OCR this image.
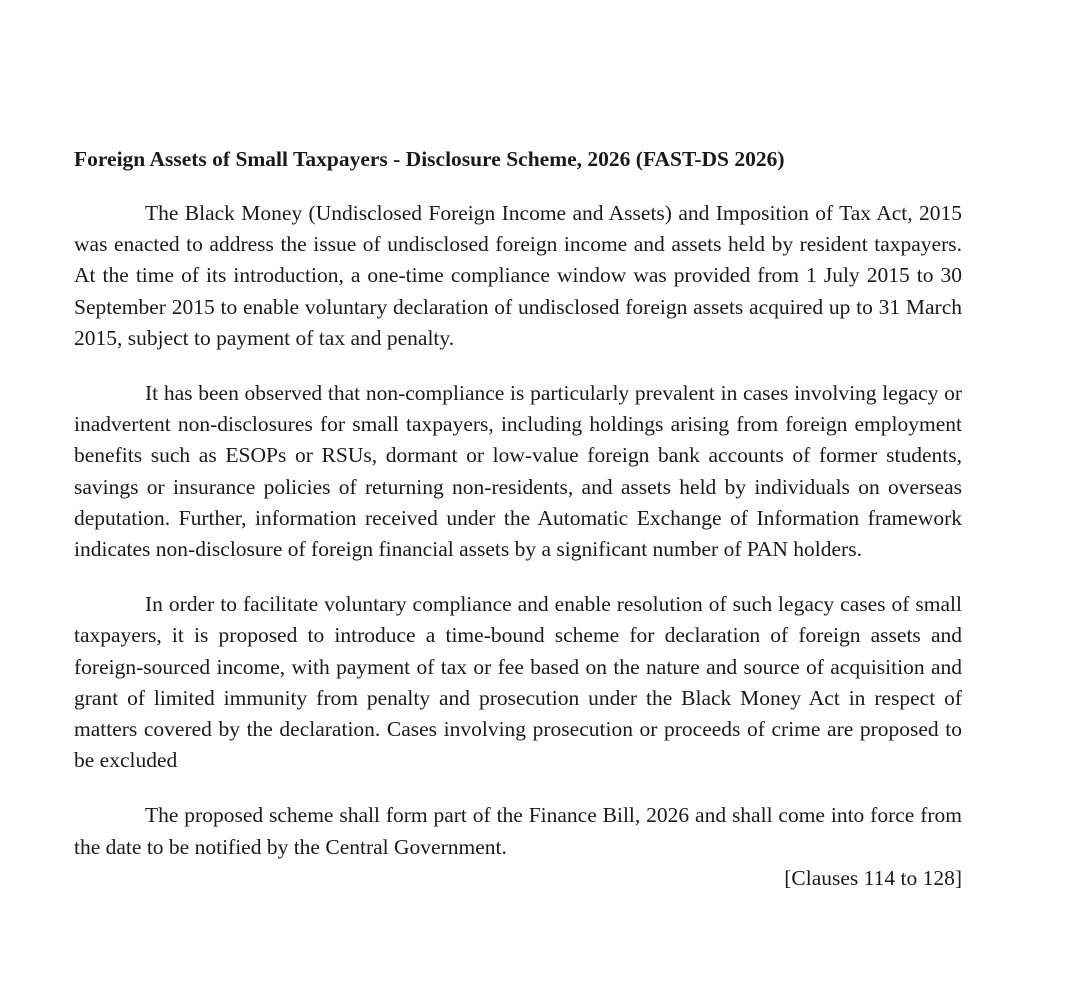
Foreign Assets of Small Taxpayers - Disclosure Scheme, 2026 (FAST-DS 2026)

The Black Money (Undisclosed Foreign Income and Assets) and Imposition of Tax Act, 2015 was enacted to address the issue of undisclosed foreign income and assets held by resident taxpayers. At the time of its introduction, a one-time compliance window was provided from 1 July 2015 to 30 September 2015 to enable voluntary declaration of undisclosed foreign assets acquired up to 31 March 2015, subject to payment of tax and penalty.

It has been observed that non-compliance is particularly prevalent in cases involving legacy or inadvertent non-disclosures for small taxpayers, including holdings arising from foreign employment benefits such as ESOPs or RSUs, dormant or low-value foreign bank accounts of former students, savings or insurance policies of returning non-residents, and assets held by individuals on overseas deputation. Further, information received under the Automatic Exchange of Information framework indicates non-disclosure of foreign financial assets by a significant number of PAN holders.

In order to facilitate voluntary compliance and enable resolution of such legacy cases of small taxpayers, it is proposed to introduce a time-bound scheme for declaration of foreign assets and foreign-sourced income, with payment of tax or fee based on the nature and source of acquisition and grant of limited immunity from penalty and prosecution under the Black Money Act in respect of matters covered by the declaration. Cases involving prosecution or proceeds of crime are proposed to be excluded

The proposed scheme shall form part of the Finance Bill, 2026 and shall come into force from the date to be notified by the Central Government.

[Clauses 114 to 128]
